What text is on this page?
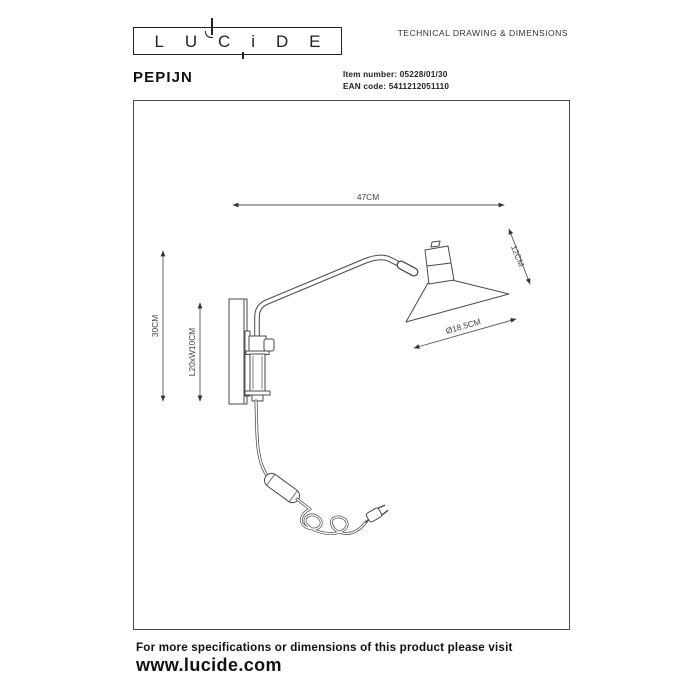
L U C i D E	TECHNICAL DRAWING & DIMENSIONS
PEPIJN	Item number: 05228/01/30
EAN code: 5411212051110
47CM
12CM
30CM
L20xW10CM
Ø18.5CM
For more specifications or dimensions of this product please visit
www.lucide.com
